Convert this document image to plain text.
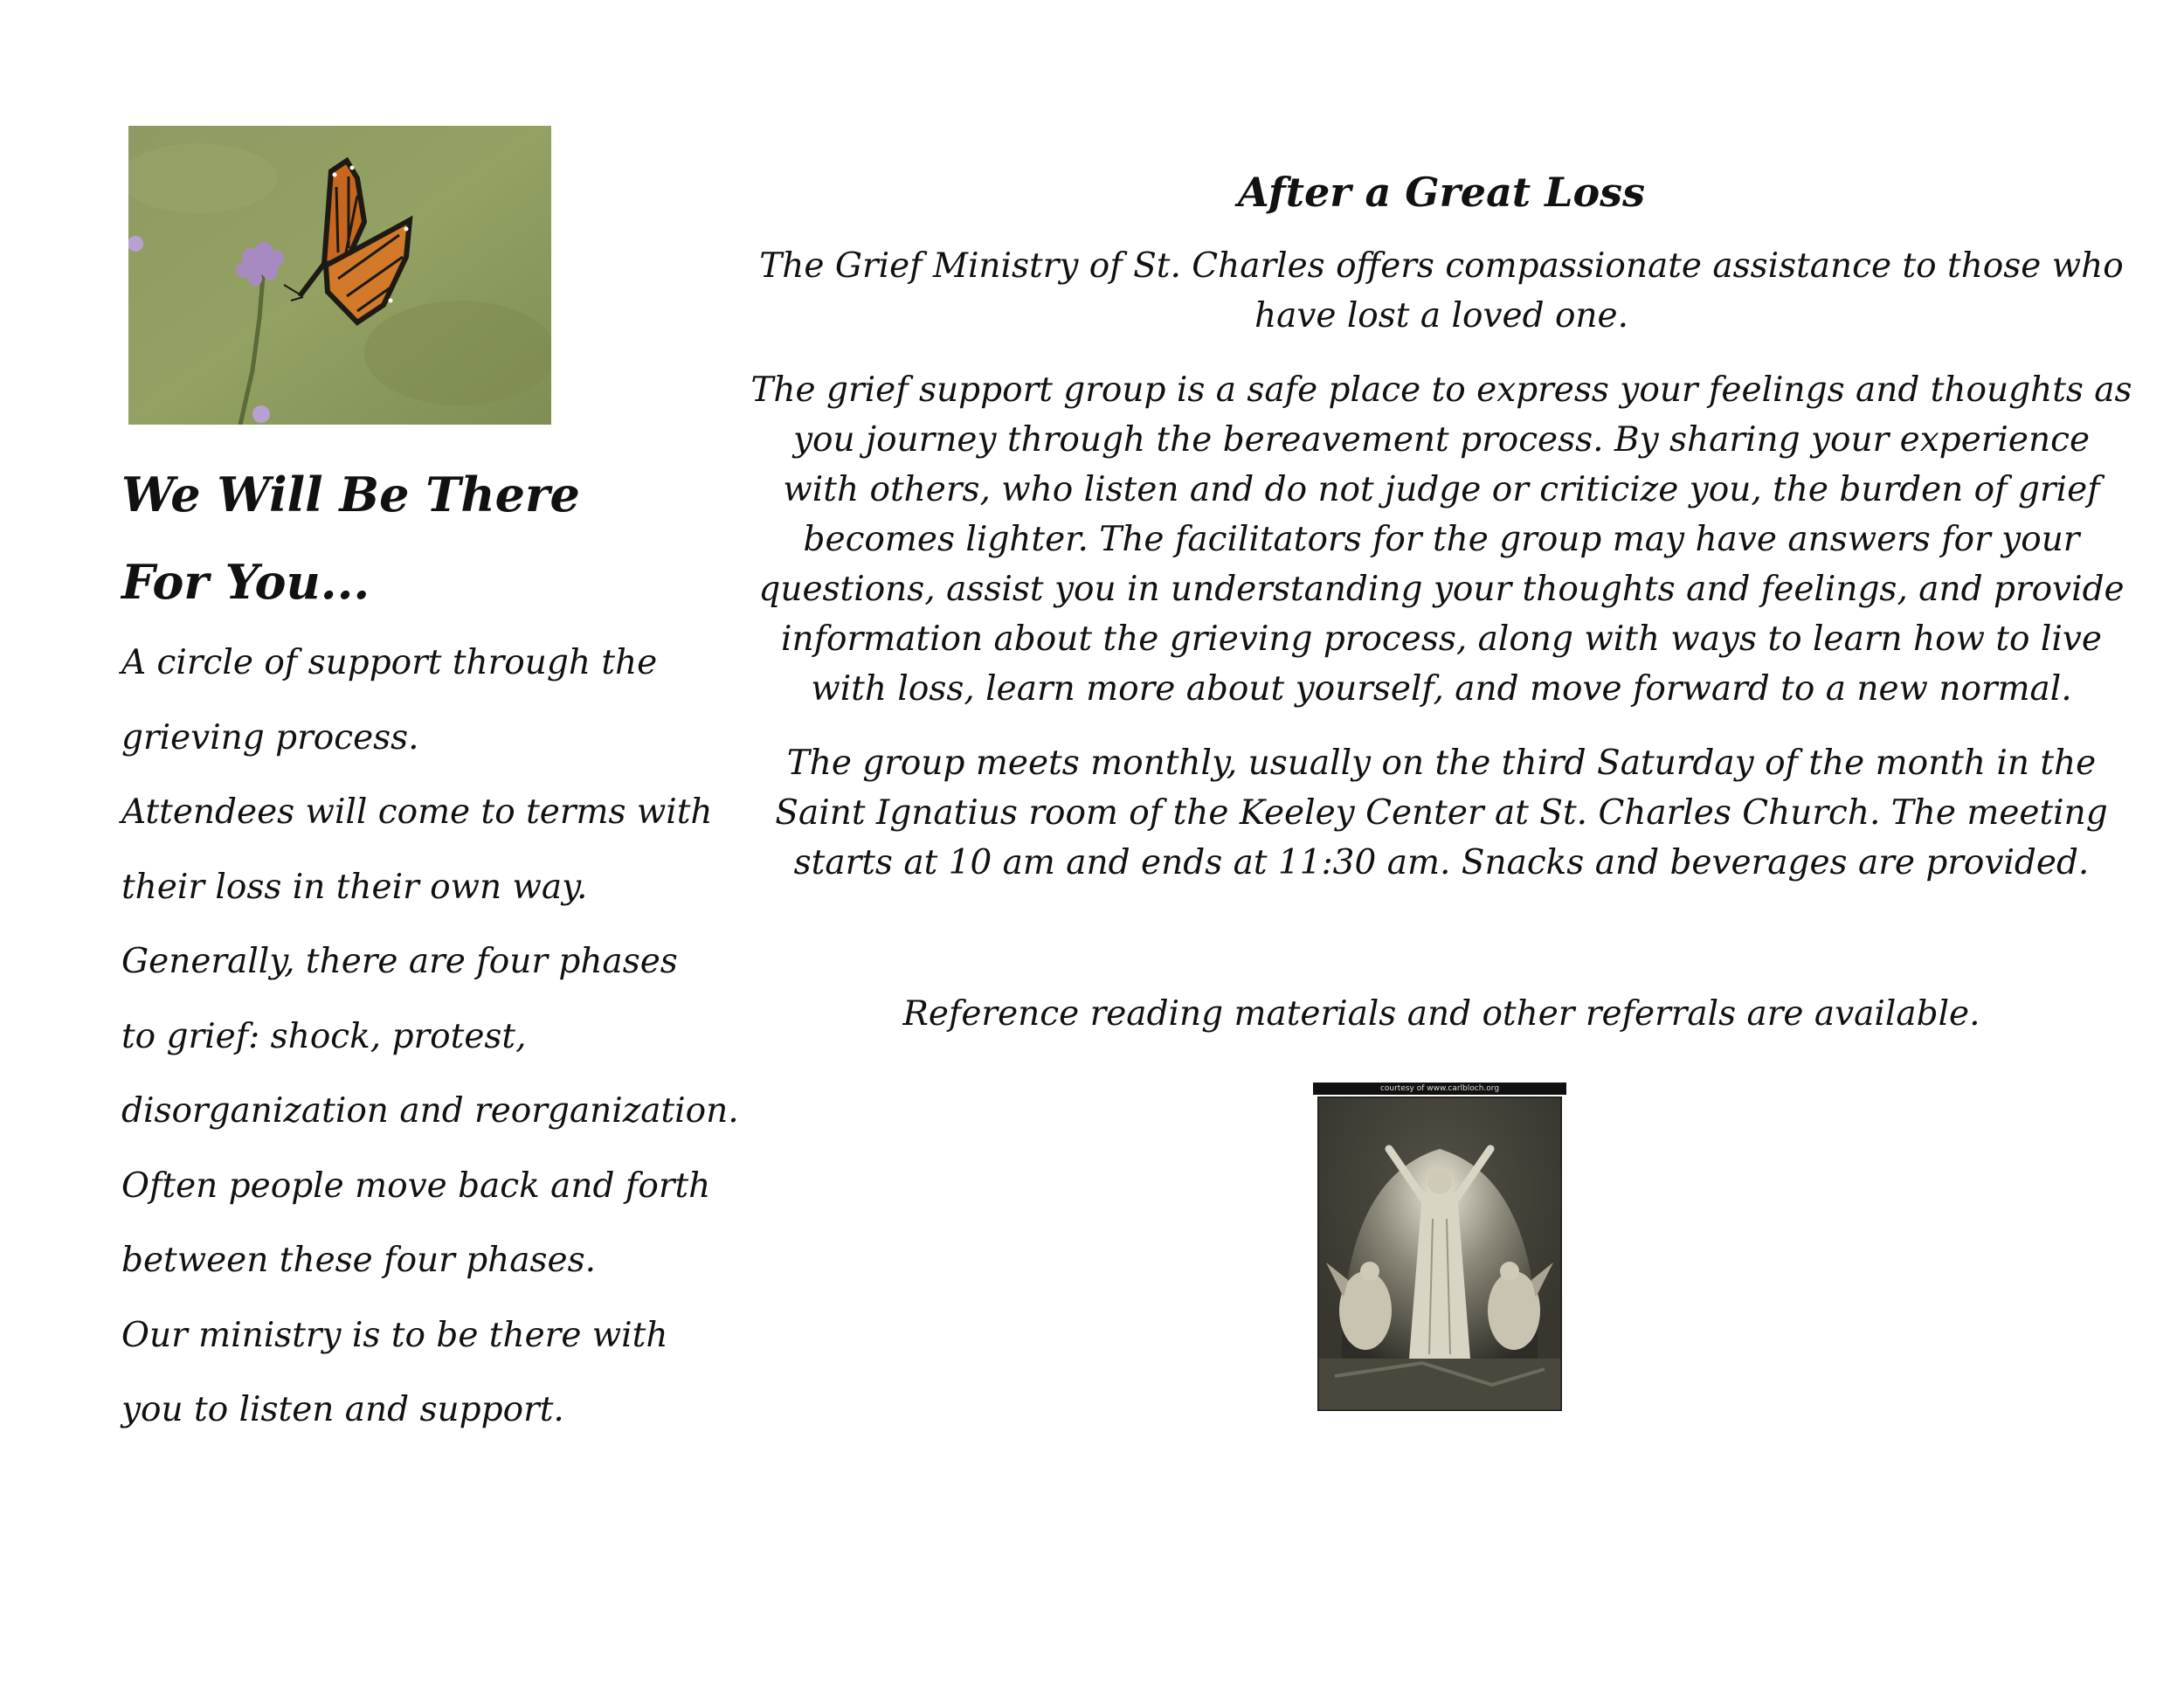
We Will Be There

For You...

A circle of support through the

grieving process.

Attendees will come to terms with

their loss in their own way.

Generally, there are four phases

to grief: shock, protest,

disorganization and reorganization.

Often people move back and forth

between these four phases.

Our ministry is to be there with

you to listen and support.

After a Great Loss

The Grief Ministry of St. Charles offers compassionate assistance to those who
have lost a loved one.

The grief support group is a safe place to express your feelings and thoughts as
you journey through the bereavement process. By sharing your experience
with others, who listen and do not judge or criticize you, the burden of grief
becomes lighter. The facilitators for the group may have answers for your
questions, assist you in understanding your thoughts and feelings, and provide
information about the grieving process, along with ways to learn how to live
with loss, learn more about yourself, and move forward to a new normal.

The group meets monthly, usually on the third Saturday of the month in the
Saint Ignatius room of the Keeley Center at St. Charles Church. The meeting
starts at 10 am and ends at 11:30 am. Snacks and beverages are provided.

Reference reading materials and other referrals are available.

courtesy of www.carlbloch.org
